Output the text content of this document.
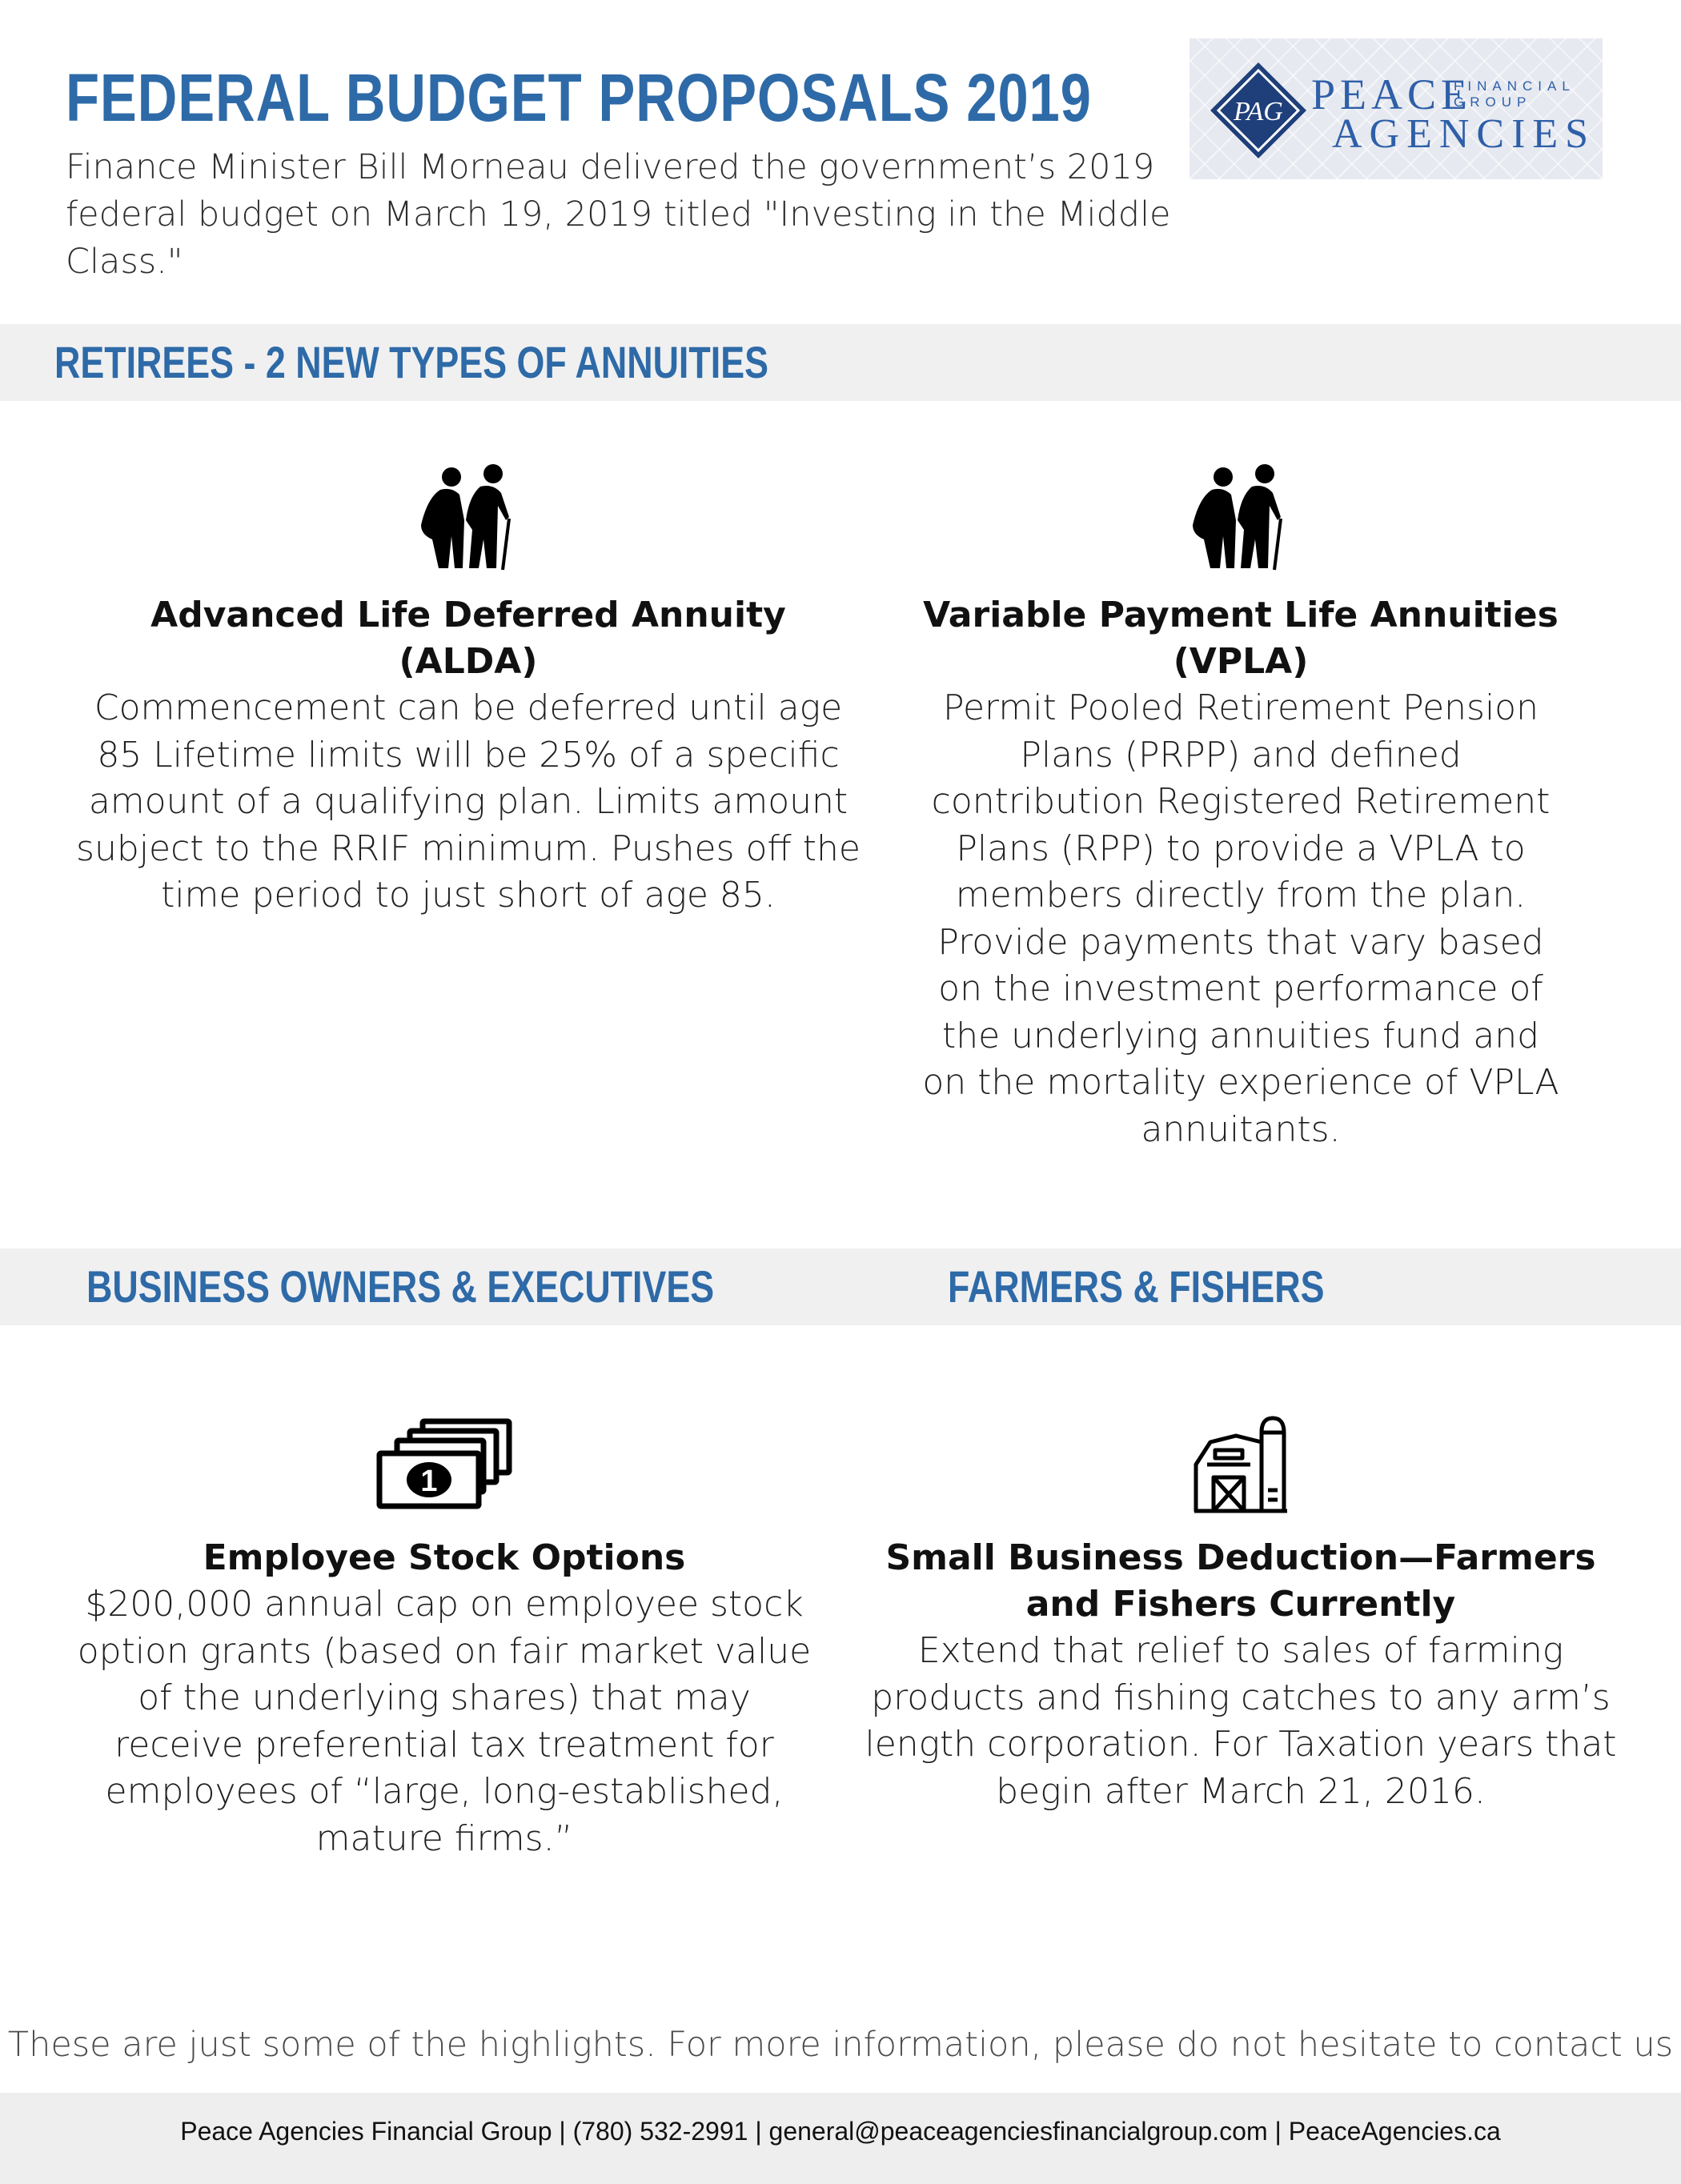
FEDERAL BUDGET PROPOSALS 2019

Finance Minister Bill Morneau delivered the government’s 2019 federal budget on March 19, 2019 titled "Investing in the Middle Class."

PAG PEACE

FINANCIAL

GROUP

AGENCIES

RETIREES - 2 NEW TYPES OF ANNUITIES

Advanced Life Deferred Annuity

(ALDA)

Commencement can be deferred until age 85 Lifetime limits will be 25% of a specific amount of a qualifying plan. Limits amount subject to the RRIF minimum. Pushes off the time period to just short of age 85.

Variable Payment Life Annuities

(VPLA)

Permit Pooled Retirement Pension Plans (PRPP) and defined contribution Registered Retirement Plans (RPP) to provide a VPLA to members directly from the plan. Provide payments that vary based on the investment performance of the underlying annuities fund and on the mortality experience of VPLA annuitants.

BUSINESS OWNERS & EXECUTIVES	FARMERS & FISHERS
1

Employee Stock Options

$200,000 annual cap on employee stock option grants (based on fair market value of the underlying shares) that may receive preferential tax treatment for employees of “large, long-established, mature firms.”

Small Business Deduction—Farmers and Fishers Currently

Extend that relief to sales of farming products and fishing catches to any arm’s length corporation. For Taxation years that begin after March 21, 2016.

These are just some of the highlights. For more information, please do not hesitate to contact us

Peace Agencies Financial Group | (780) 532-2991 | general@peaceagenciesfinancialgroup.com | PeaceAgencies.ca
